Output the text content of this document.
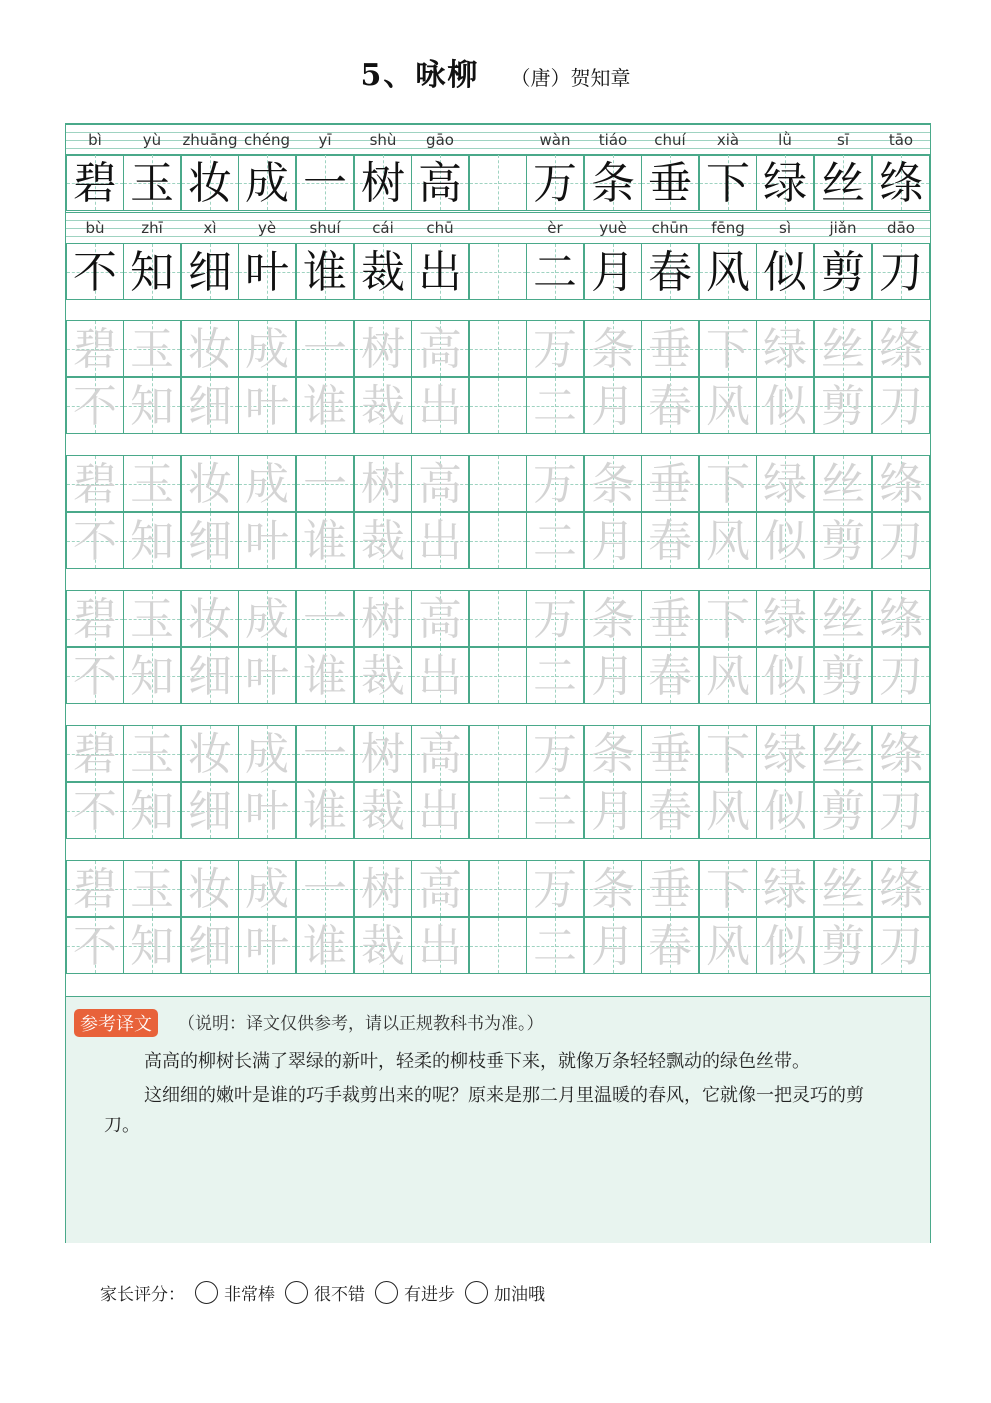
5、咏柳 （唐）贺知章
参考译文	（说明：译文仅供参考，请以正规教科书为准。）
高高的柳树长满了翠绿的新叶，轻柔的柳枝垂下来，就像万条轻轻飘动的绿色丝带。
这细细的嫩叶是谁的巧手裁剪出来的呢？原来是那二月里温暖的春风，它就像一把灵巧的剪刀。
bì	yù	zhuāng chéng	yī	shù	gāo	wàn	tiáo	chuí	xià	lǜ	sī	tāo
碧 玉 妆 成 一 树 高 万 条 垂 下 绿 丝 绦
bù	zhī	xì	yè	shuí	cái	chū	èr	yuè	chūn	fēng	sì	jiǎn	dāo
不 知 细 叶 谁 裁 出 二 月 春 风 似 剪 刀
碧 玉 妆 成 一 树 高 万 条 垂 下 绿 丝 绦
不 知 细 叶 谁 裁 出 二 月 春 风 似 剪 刀
碧 玉 妆 成 一 树 高 万 条 垂 下 绿 丝 绦
不 知 细 叶 谁 裁 出 二 月 春 风 似 剪 刀
碧 玉 妆 成 一 树 高 万 条 垂 下 绿 丝 绦
不 知 细 叶 谁 裁 出 二 月 春 风 似 剪 刀
碧 玉 妆 成 一 树 高 万 条 垂 下 绿 丝 绦
不 知 细 叶 谁 裁 出 二 月 春 风 似 剪 刀
碧 玉 妆 成 一 树 高 万 条 垂 下 绿 丝 绦
不 知 细 叶 谁 裁 出 二 月 春 风 似 剪 刀
家长评分： 非常棒 很不错 有进步 加油哦
